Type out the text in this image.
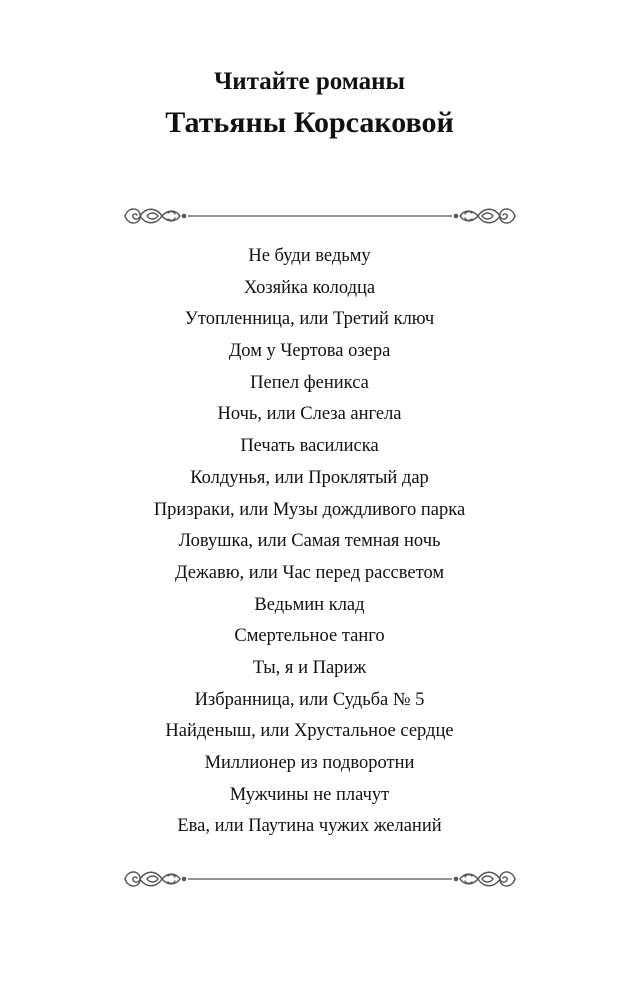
Читайте романы
Татьяны Корсаковой
Не буди ведьму
Хозяйка колодца
Утопленница, или Третий ключ
Дом у Чертова озера
Пепел феникса
Ночь, или Слеза ангела
Печать василиска
Колдунья, или Проклятый дар
Призраки, или Музы дождливого парка
Ловушка, или Самая темная ночь
Дежавю, или Час перед рассветом
Ведьмин клад
Смертельное танго
Ты, я и Париж
Избранница, или Судьба № 5
Найденыш, или Хрустальное сердце
Миллионер из подворотни
Мужчины не плачут
Ева, или Паутина чужих желаний
